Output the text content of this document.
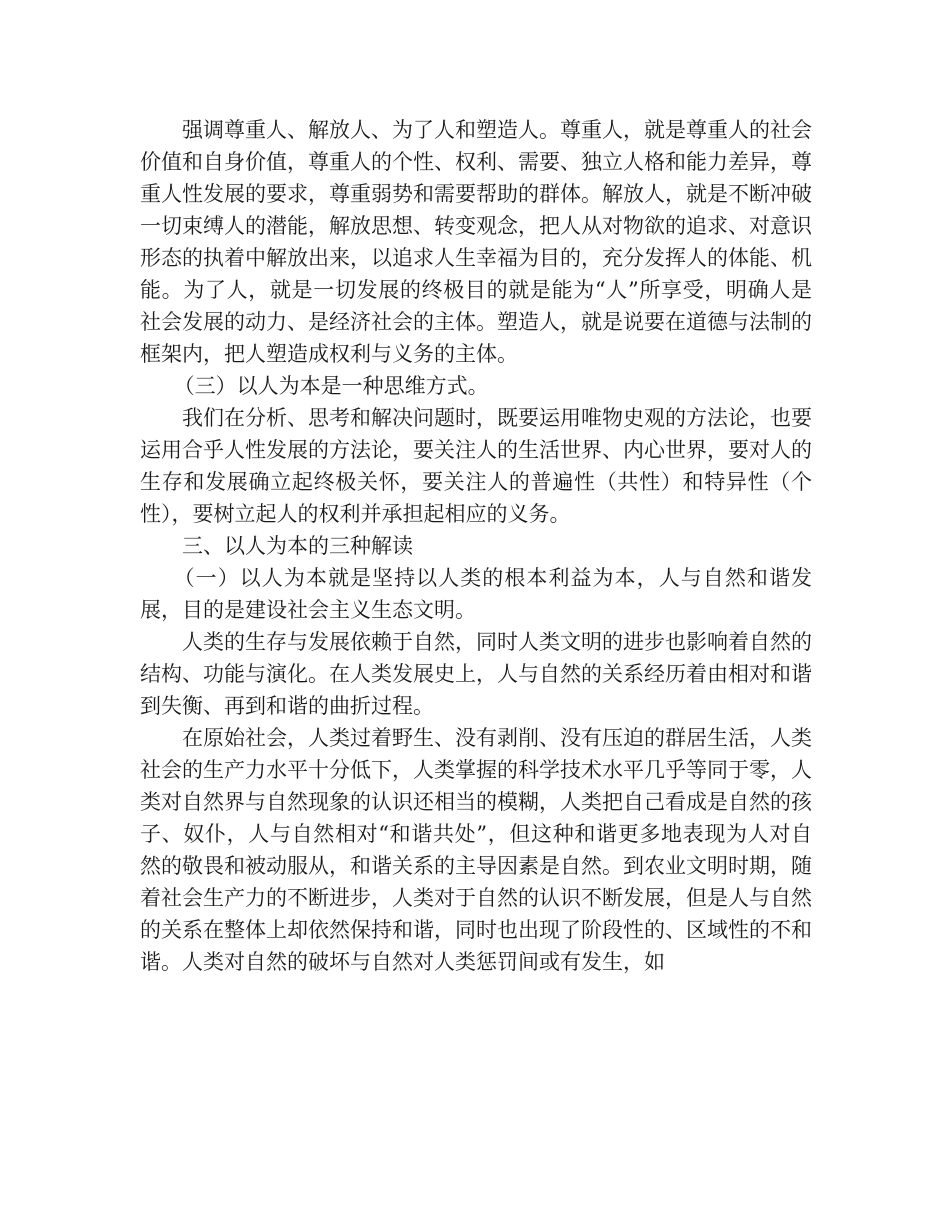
强调尊重人、解放人、为了人和塑造人。尊重人，就是尊重人的社会价值和自身价值，尊重人的个性、权利、需要、独立人格和能力差异，尊重人性发展的要求，尊重弱势和需要帮助的群体。解放人，就是不断冲破一切束缚人的潜能，解放思想、转变观念，把人从对物欲的追求、对意识形态的执着中解放出来，以追求人生幸福为目的，充分发挥人的体能、机能。为了人，就是一切发展的终极目的就是能为“人”所享受，明确人是社会发展的动力、是经济社会的主体。塑造人，就是说要在道德与法制的框架内，把人塑造成权利与义务的主体。

（三）以人为本是一种思维方式。

我们在分析、思考和解决问题时，既要运用唯物史观的方法论，也要运用合乎人性发展的方法论，要关注人的生活世界、内心世界，要对人的生存和发展确立起终极关怀，要关注人的普遍性（共性）和特异性（个性），要树立起人的权利并承担起相应的义务。

三、以人为本的三种解读

（一）以人为本就是坚持以人类的根本利益为本，人与自然和谐发展，目的是建设社会主义生态文明。

人类的生存与发展依赖于自然，同时人类文明的进步也影响着自然的结构、功能与演化。在人类发展史上，人与自然的关系经历着由相对和谐到失衡、再到和谐的曲折过程。

在原始社会，人类过着野生、没有剥削、没有压迫的群居生活，人类社会的生产力水平十分低下，人类掌握的科学技术水平几乎等同于零，人类对自然界与自然现象的认识还相当的模糊，人类把自己看成是自然的孩子、奴仆，人与自然相对“和谐共处”，但这种和谐更多地表现为人对自然的敬畏和被动服从，和谐关系的主导因素是自然。到农业文明时期，随着社会生产力的不断进步，人类对于自然的认识不断发展，但是人与自然的关系在整体上却依然保持和谐，同时也出现了阶段性的、区域性的不和谐。人类对自然的破坏与自然对人类惩罚间或有发生，如
